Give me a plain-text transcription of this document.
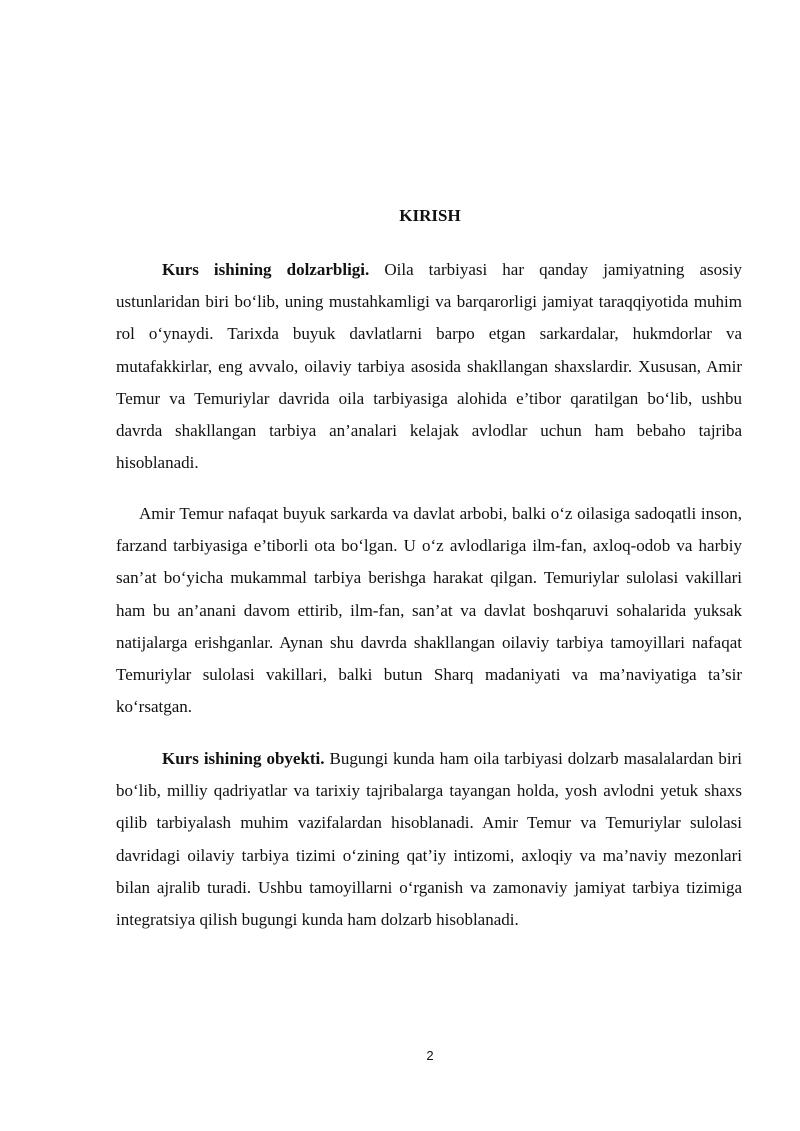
KIRISH

Kurs ishining dolzarbligi. Oila tarbiyasi har qanday jamiyatning asosiy ustunlaridan biri bo‘lib, uning mustahkamligi va barqarorligi jamiyat taraqqiyotida muhim rol o‘ynaydi. Tarixda buyuk davlatlarni barpo etgan sarkardalar, hukmdorlar va mutafakkirlar, eng avvalo, oilaviy tarbiya asosida shakllangan shaxslardir. Xususan, Amir Temur va Temuriylar davrida oila tarbiyasiga alohida e’tibor qaratilgan bo‘lib, ushbu davrda shakllangan tarbiya an’analari kelajak avlodlar uchun ham bebaho tajriba hisoblanadi.

Amir Temur nafaqat buyuk sarkarda va davlat arbobi, balki o‘z oilasiga sadoqatli inson, farzand tarbiyasiga e’tiborli ota bo‘lgan. U o‘z avlodlariga ilm-fan, axloq-odob va harbiy san’at bo‘yicha mukammal tarbiya berishga harakat qilgan. Temuriylar sulolasi vakillari ham bu an’anani davom ettirib, ilm-fan, san’at va davlat boshqaruvi sohalarida yuksak natijalarga erishganlar. Aynan shu davrda shakllangan oilaviy tarbiya tamoyillari nafaqat Temuriylar sulolasi vakillari, balki butun Sharq madaniyati va ma’naviyatiga ta’sir ko‘rsatgan.

Kurs ishining obyekti. Bugungi kunda ham oila tarbiyasi dolzarb masalalardan biri bo‘lib, milliy qadriyatlar va tarixiy tajribalarga tayangan holda, yosh avlodni yetuk shaxs qilib tarbiyalash muhim vazifalardan hisoblanadi. Amir Temur va Temuriylar sulolasi davridagi oilaviy tarbiya tizimi o‘zining qat’iy intizomi, axloqiy va ma’naviy mezonlari bilan ajralib turadi. Ushbu tamoyillarni o‘rganish va zamonaviy jamiyat tarbiya tizimiga integratsiya qilish bugungi kunda ham dolzarb hisoblanadi.

2
